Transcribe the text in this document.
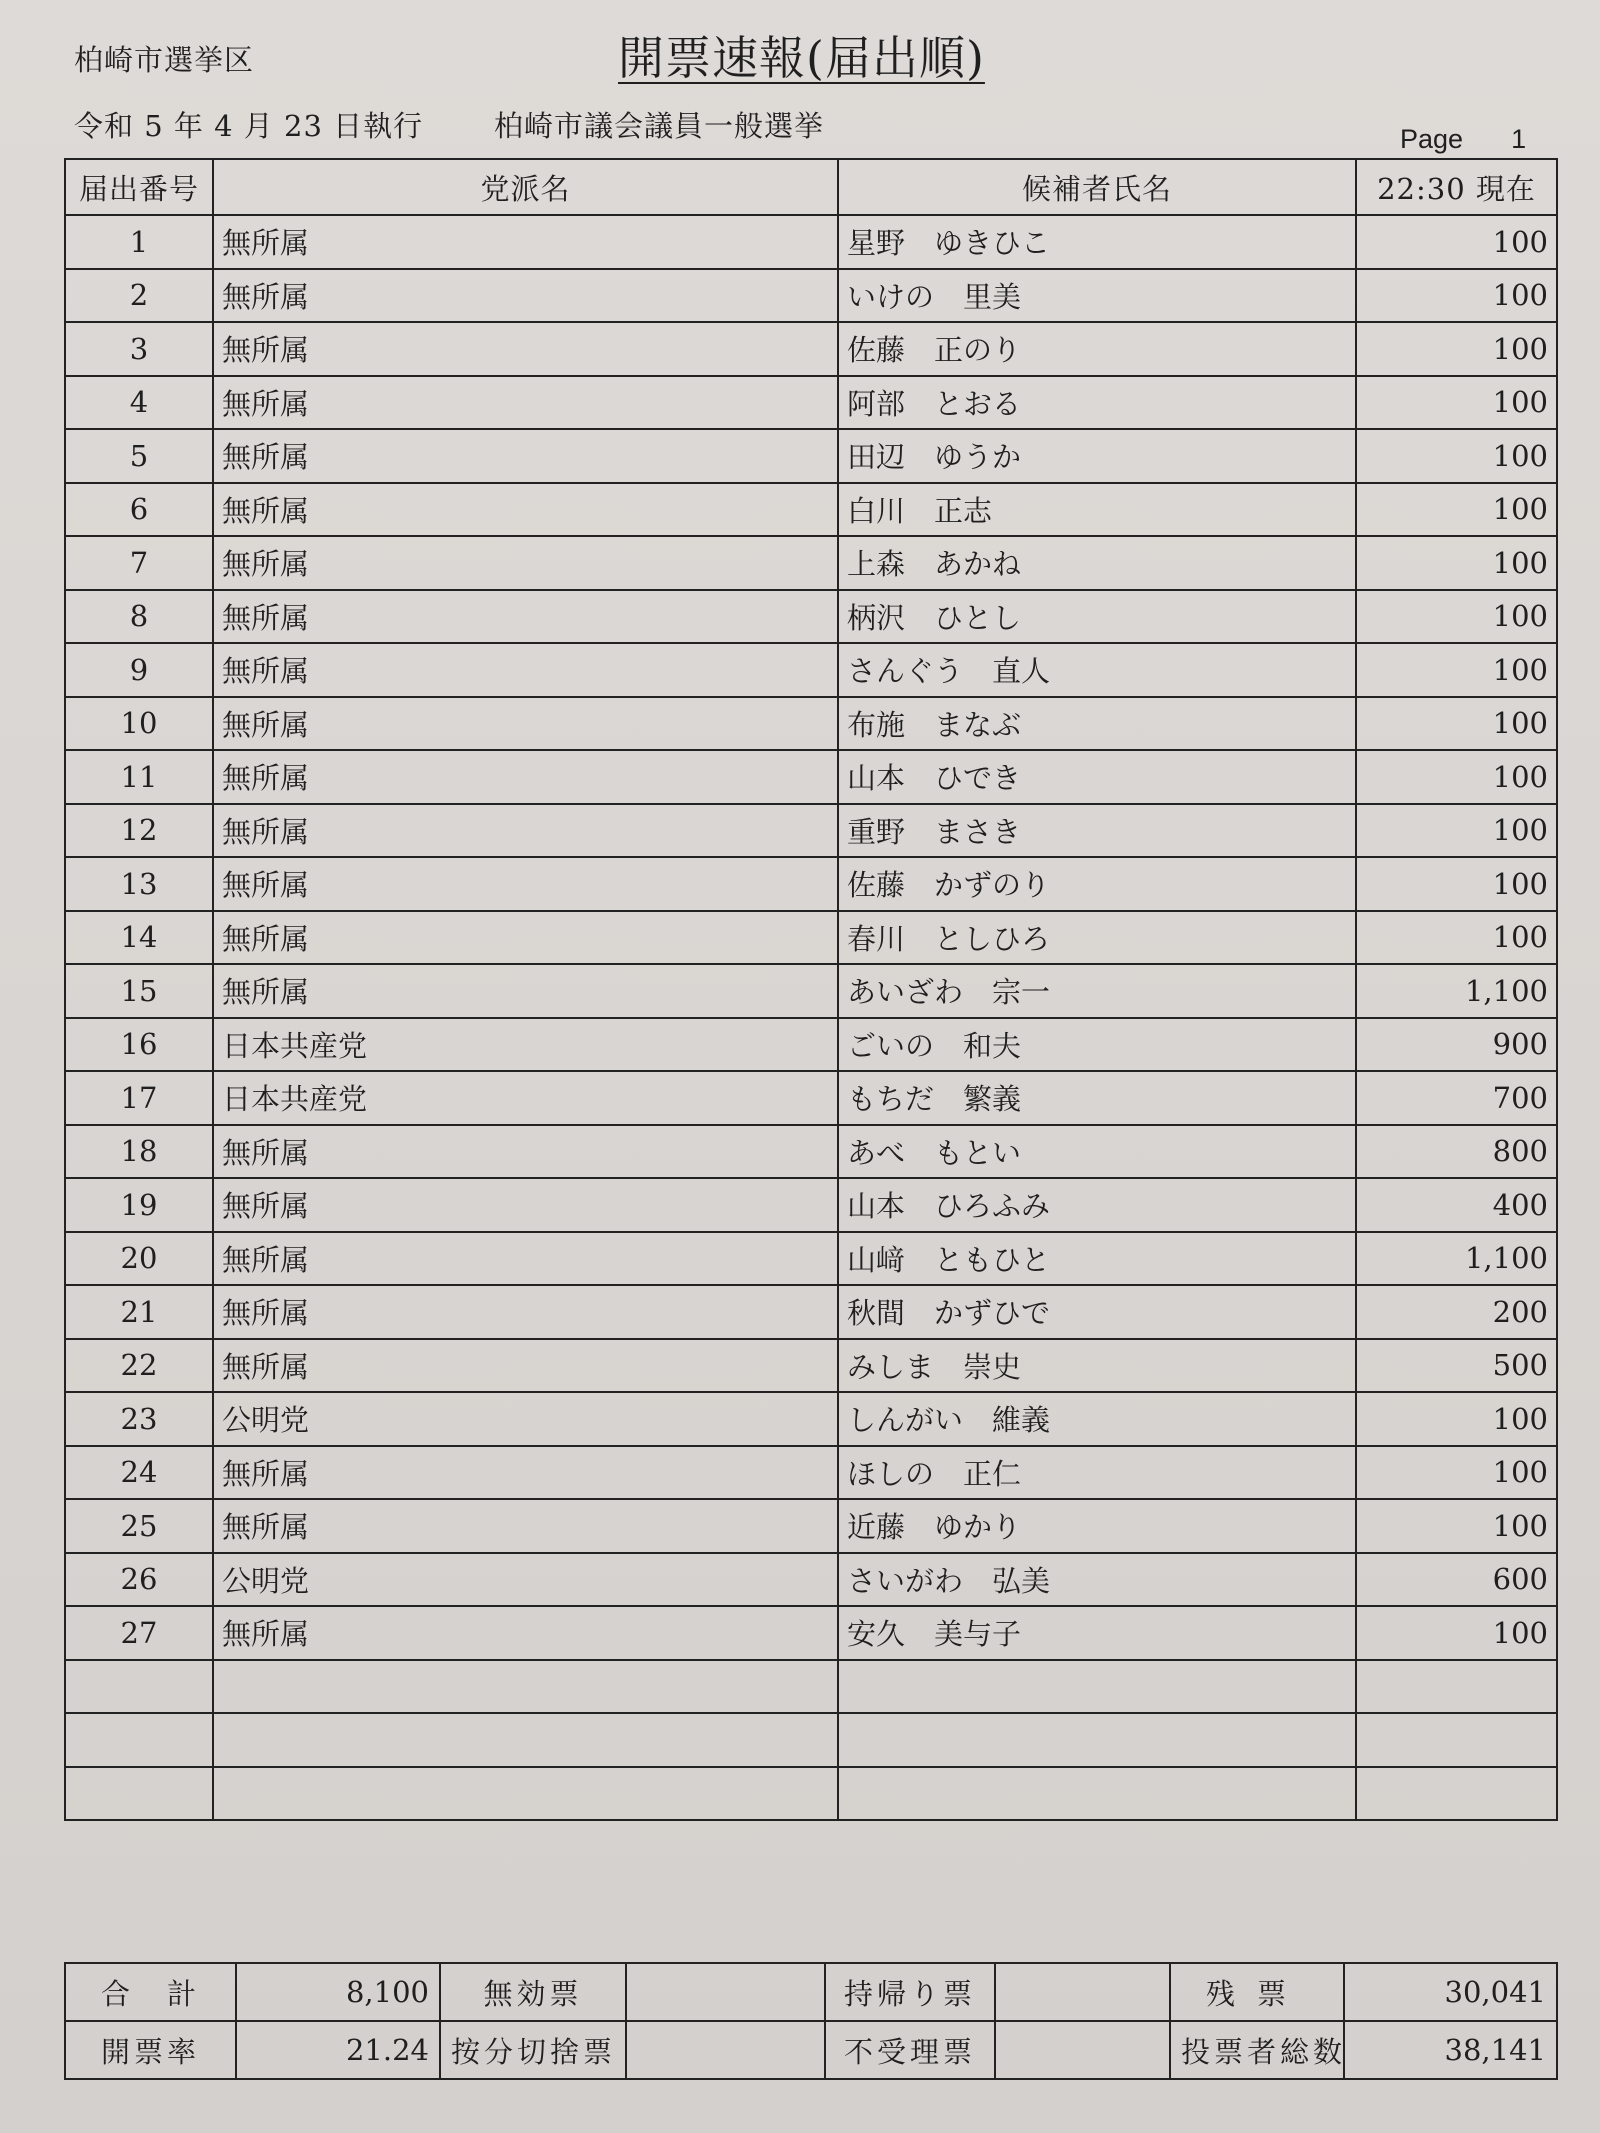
柏崎市選挙区	開票速報(届出順)
令和 5 年 4 月 23 日執行 柏崎市議会議員一般選挙	Page 1
届出番号	党派名	候補者氏名	22:30 現在
1	無所属	星野　ゆきひこ	100
2	無所属	いけの　里美	100
3	無所属	佐藤　正のり	100
4	無所属	阿部　とおる	100
5	無所属	田辺　ゆうか	100
6	無所属	白川　正志	100
7	無所属	上森　あかね	100
8	無所属	柄沢　ひとし	100
9	無所属	さんぐう　直人	100
10	無所属	布施　まなぶ	100
11	無所属	山本　ひでき	100
12	無所属	重野　まさき	100
13	無所属	佐藤　かずのり	100
14	無所属	春川　としひろ	100
15	無所属	あいざわ　宗一	1,100
16	日本共産党	ごいの　和夫	900
17	日本共産党	もちだ　繁義	700
18	無所属	あべ　もとい	800
19	無所属	山本　ひろふみ	400
20	無所属	山﨑　ともひと	1,100
21	無所属	秋間　かずひで	200
22	無所属	みしま　崇史	500
23	公明党	しんがい　維義	100
24	無所属	ほしの　正仁	100
25	無所属	近藤　ゆかり	100
26	公明党	さいがわ　弘美	600
27	無所属	安久　美与子	100

合　計	8,100	無効票		持帰り票		残票	30,041
開票率	21.24	按分切捨票		不受理票		投票者総数	38,141
